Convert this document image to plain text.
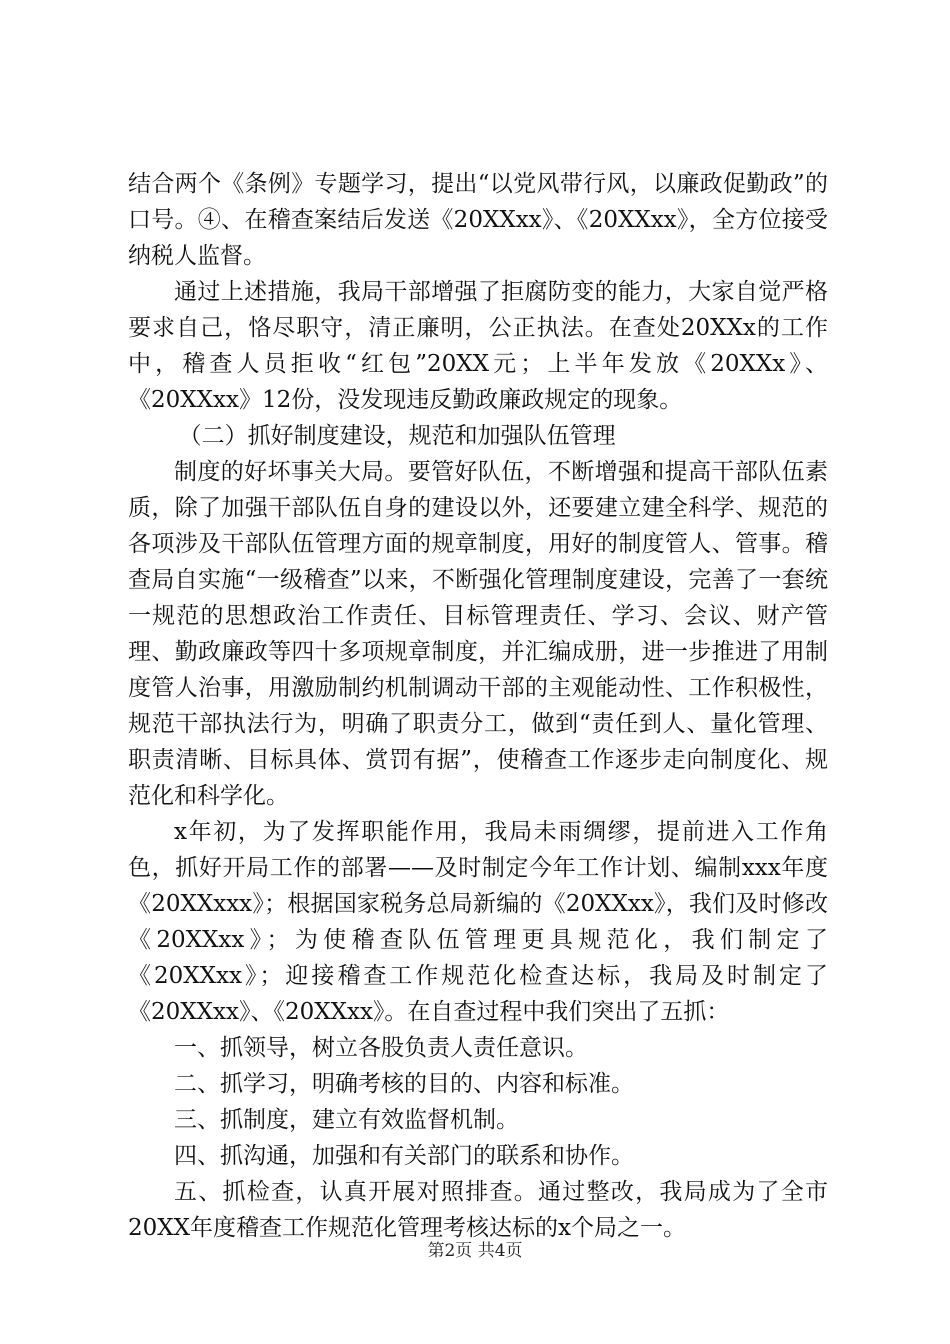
结合两个《条例》专题学习，提出“以党风带行风，以廉政促勤政”的口号。④、在稽查案结后发送《20XXxx》、《20XXxx》，全方位接受纳税人监督。

通过上述措施，我局干部增强了拒腐防变的能力，大家自觉严格要求自己，恪尽职守，清正廉明，公正执法。在查处20XXx的工作中，稽查人员拒收“红包”20XX元；上半年发放《20XXx》、《20XXxx》12份，没发现违反勤政廉政规定的现象。

（二）抓好制度建设，规范和加强队伍管理

制度的好坏事关大局。要管好队伍，不断增强和提高干部队伍素质，除了加强干部队伍自身的建设以外，还要建立建全科学、规范的各项涉及干部队伍管理方面的规章制度，用好的制度管人、管事。稽查局自实施“一级稽查”以来，不断强化管理制度建设，完善了一套统一规范的思想政治工作责任、目标管理责任、学习、会议、财产管理、勤政廉政等四十多项规章制度，并汇编成册，进一步推进了用制度管人治事，用激励制约机制调动干部的主观能动性、工作积极性，规范干部执法行为，明确了职责分工，做到“责任到人、量化管理、职责清晰、目标具体、赏罚有据”，使稽查工作逐步走向制度化、规范化和科学化。

x年初，为了发挥职能作用，我局未雨绸缪，提前进入工作角色，抓好开局工作的部署——及时制定今年工作计划、编制xxx年度《20XXxxx》；根据国家税务总局新编的《20XXxx》，我们及时修改《20XXxx》；为使稽查队伍管理更具规范化，我们制定了《20XXxx》；迎接稽查工作规范化检查达标，我局及时制定了《20XXxx》、《20XXxx》。在自查过程中我们突出了五抓：

一、抓领导，树立各股负责人责任意识。

二、抓学习，明确考核的目的、内容和标准。

三、抓制度，建立有效监督机制。

四、抓沟通，加强和有关部门的联系和协作。

五、抓检查，认真开展对照排查。通过整改，我局成为了全市20XX年度稽查工作规范化管理考核达标的x个局之一。

第2页 共4页
